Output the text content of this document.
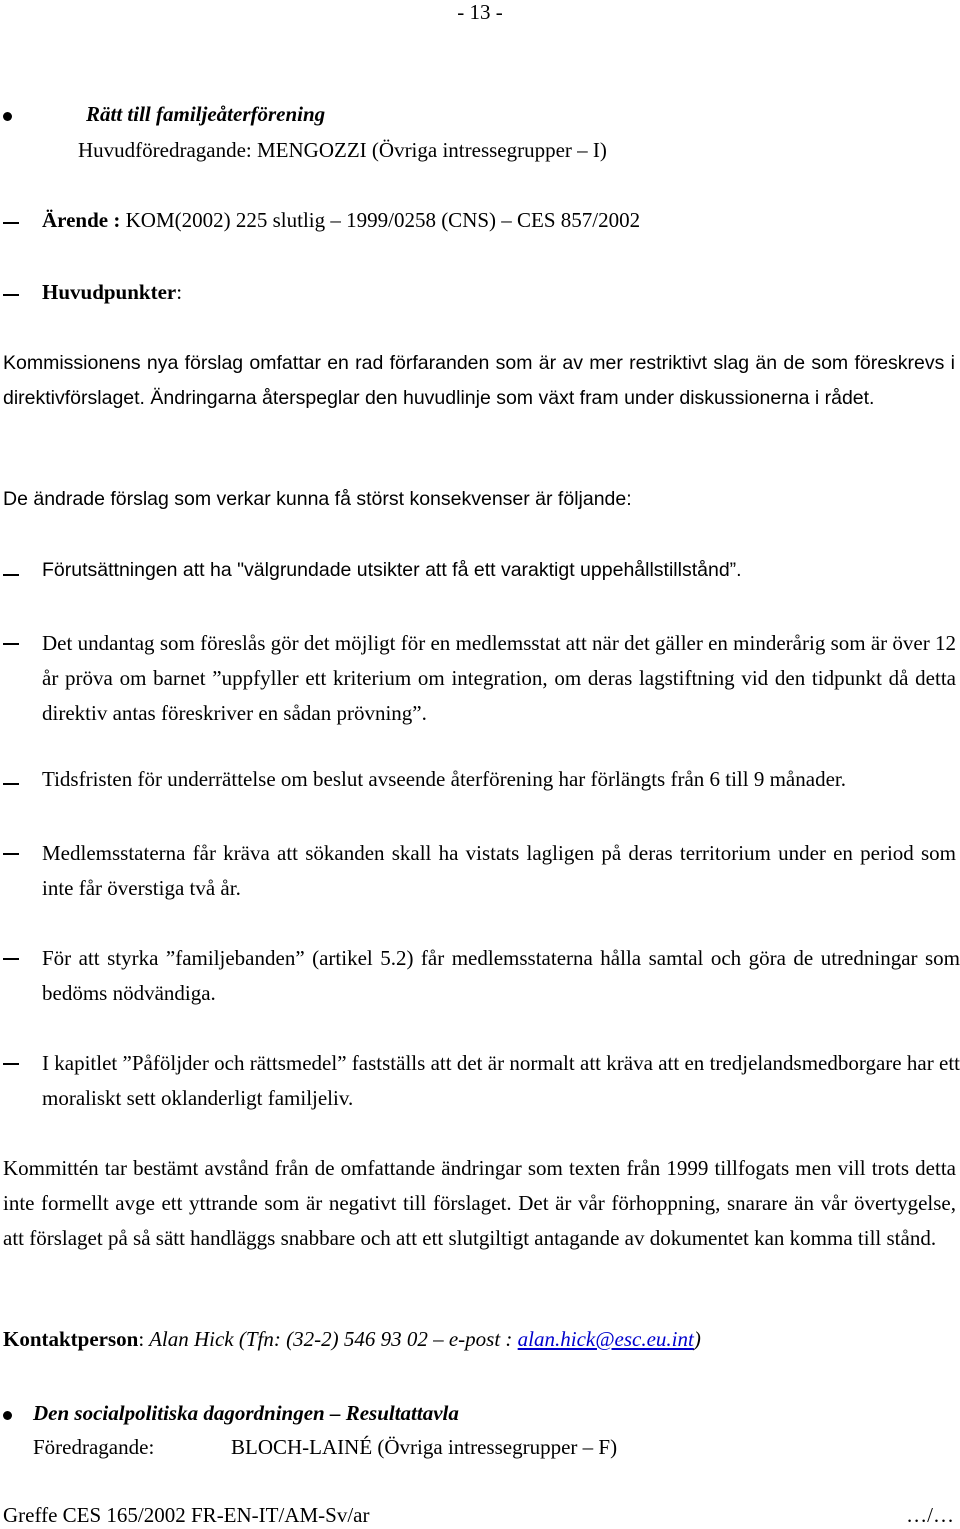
- 13 -
Rätt till familjeåterförening
Huvudföredragande: MENGOZZI (Övriga intressegrupper – I)
Ärende : KOM(2002) 225 slutlig – 1999/0258 (CNS) – CES 857/2002
Huvudpunkter:
Kommissionens nya förslag omfattar en rad förfaranden som är av mer restriktivt slag än de som föreskrevs i direktivförslaget. Ändringarna återspeglar den huvudlinje som växt fram under diskussionerna i rådet.
De ändrade förslag som verkar kunna få störst konsekvenser är följande:
Förutsättningen att ha "välgrundade utsikter att få ett varaktigt uppehållstillstånd”.
Det undantag som föreslås gör det möjligt för en medlemsstat att när det gäller en minderårig som är över 12 år pröva om barnet ”uppfyller ett kriterium om integration, om deras lagstiftning vid den tidpunkt då detta direktiv antas föreskriver en sådan prövning”.
Tidsfristen för underrättelse om beslut avseende återförening har förlängts från 6 till 9 månader.
Medlemsstaterna får kräva att sökanden skall ha vistats lagligen på deras territorium under en period som inte får överstiga två år.
För att styrka ”familjebanden” (artikel 5.2) får medlemsstaterna hålla samtal och göra de utredningar som bedöms nödvändiga.
I kapitlet ”Påföljder och rättsmedel” fastställs att det är normalt att kräva att en tredjelandsmedborgare har ett moraliskt sett oklanderligt familjeliv.
Kommittén tar bestämt avstånd från de omfattande ändringar som texten från 1999 tillfogats men vill trots detta inte formellt avge ett yttrande som är negativt till förslaget. Det är vår förhoppning, snarare än vår övertygelse, att förslaget på så sätt handläggs snabbare och att ett slutgiltigt antagande av dokumentet kan komma till stånd.
Kontaktperson: Alan Hick (Tfn: (32-2) 546 93 02 – e-post : alan.hick@esc.eu.int)
Den socialpolitiska dagordningen – Resultattavla
Föredragande:	BLOCH-LAINÉ (Övriga intressegrupper – F)
Greffe CES 165/2002 FR-EN-IT/AM-Sv/ar	…/…
